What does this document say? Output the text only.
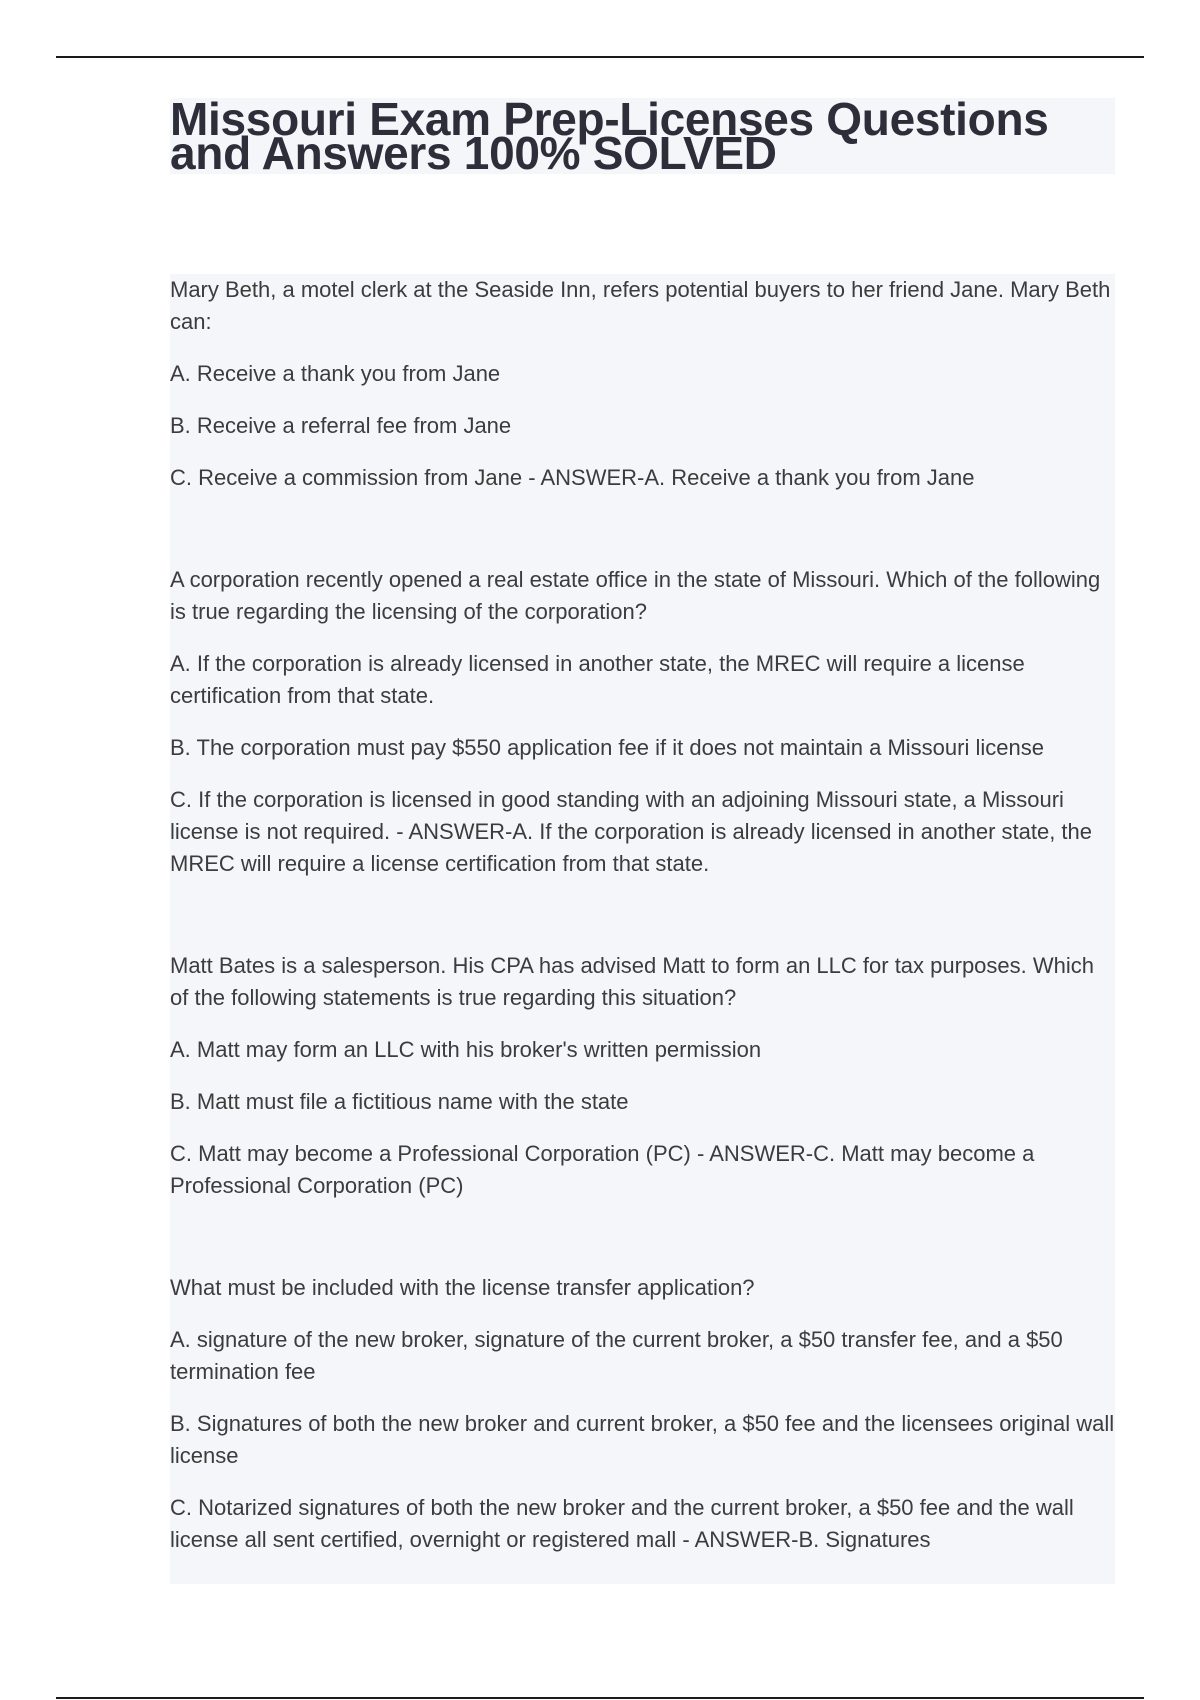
Missouri Exam Prep-Licenses Questions and Answers 100% SOLVED

Mary Beth, a motel clerk at the Seaside Inn, refers potential buyers to her friend Jane. Mary Beth can:

A. Receive a thank you from Jane

B. Receive a referral fee from Jane

C. Receive a commission from Jane - ANSWER-A. Receive a thank you from Jane

A corporation recently opened a real estate office in the state of Missouri. Which of the following is true regarding the licensing of the corporation?

A. If the corporation is already licensed in another state, the MREC will require a license certification from that state.

B. The corporation must pay $550 application fee if it does not maintain a Missouri license

C. If the corporation is licensed in good standing with an adjoining Missouri state, a Missouri license is not required. - ANSWER-A. If the corporation is already licensed in another state, the MREC will require a license certification from that state.

Matt Bates is a salesperson. His CPA has advised Matt to form an LLC for tax purposes. Which of the following statements is true regarding this situation?

A. Matt may form an LLC with his broker's written permission

B. Matt must file a fictitious name with the state

C. Matt may become a Professional Corporation (PC) - ANSWER-C. Matt may become a Professional Corporation (PC)

What must be included with the license transfer application?

A. signature of the new broker, signature of the current broker, a $50 transfer fee, and a $50 termination fee

B. Signatures of both the new broker and current broker, a $50 fee and the licensees original wall license

C. Notarized signatures of both the new broker and the current broker, a $50 fee and the wall license all sent certified, overnight or registered mall - ANSWER-B. Signatures
